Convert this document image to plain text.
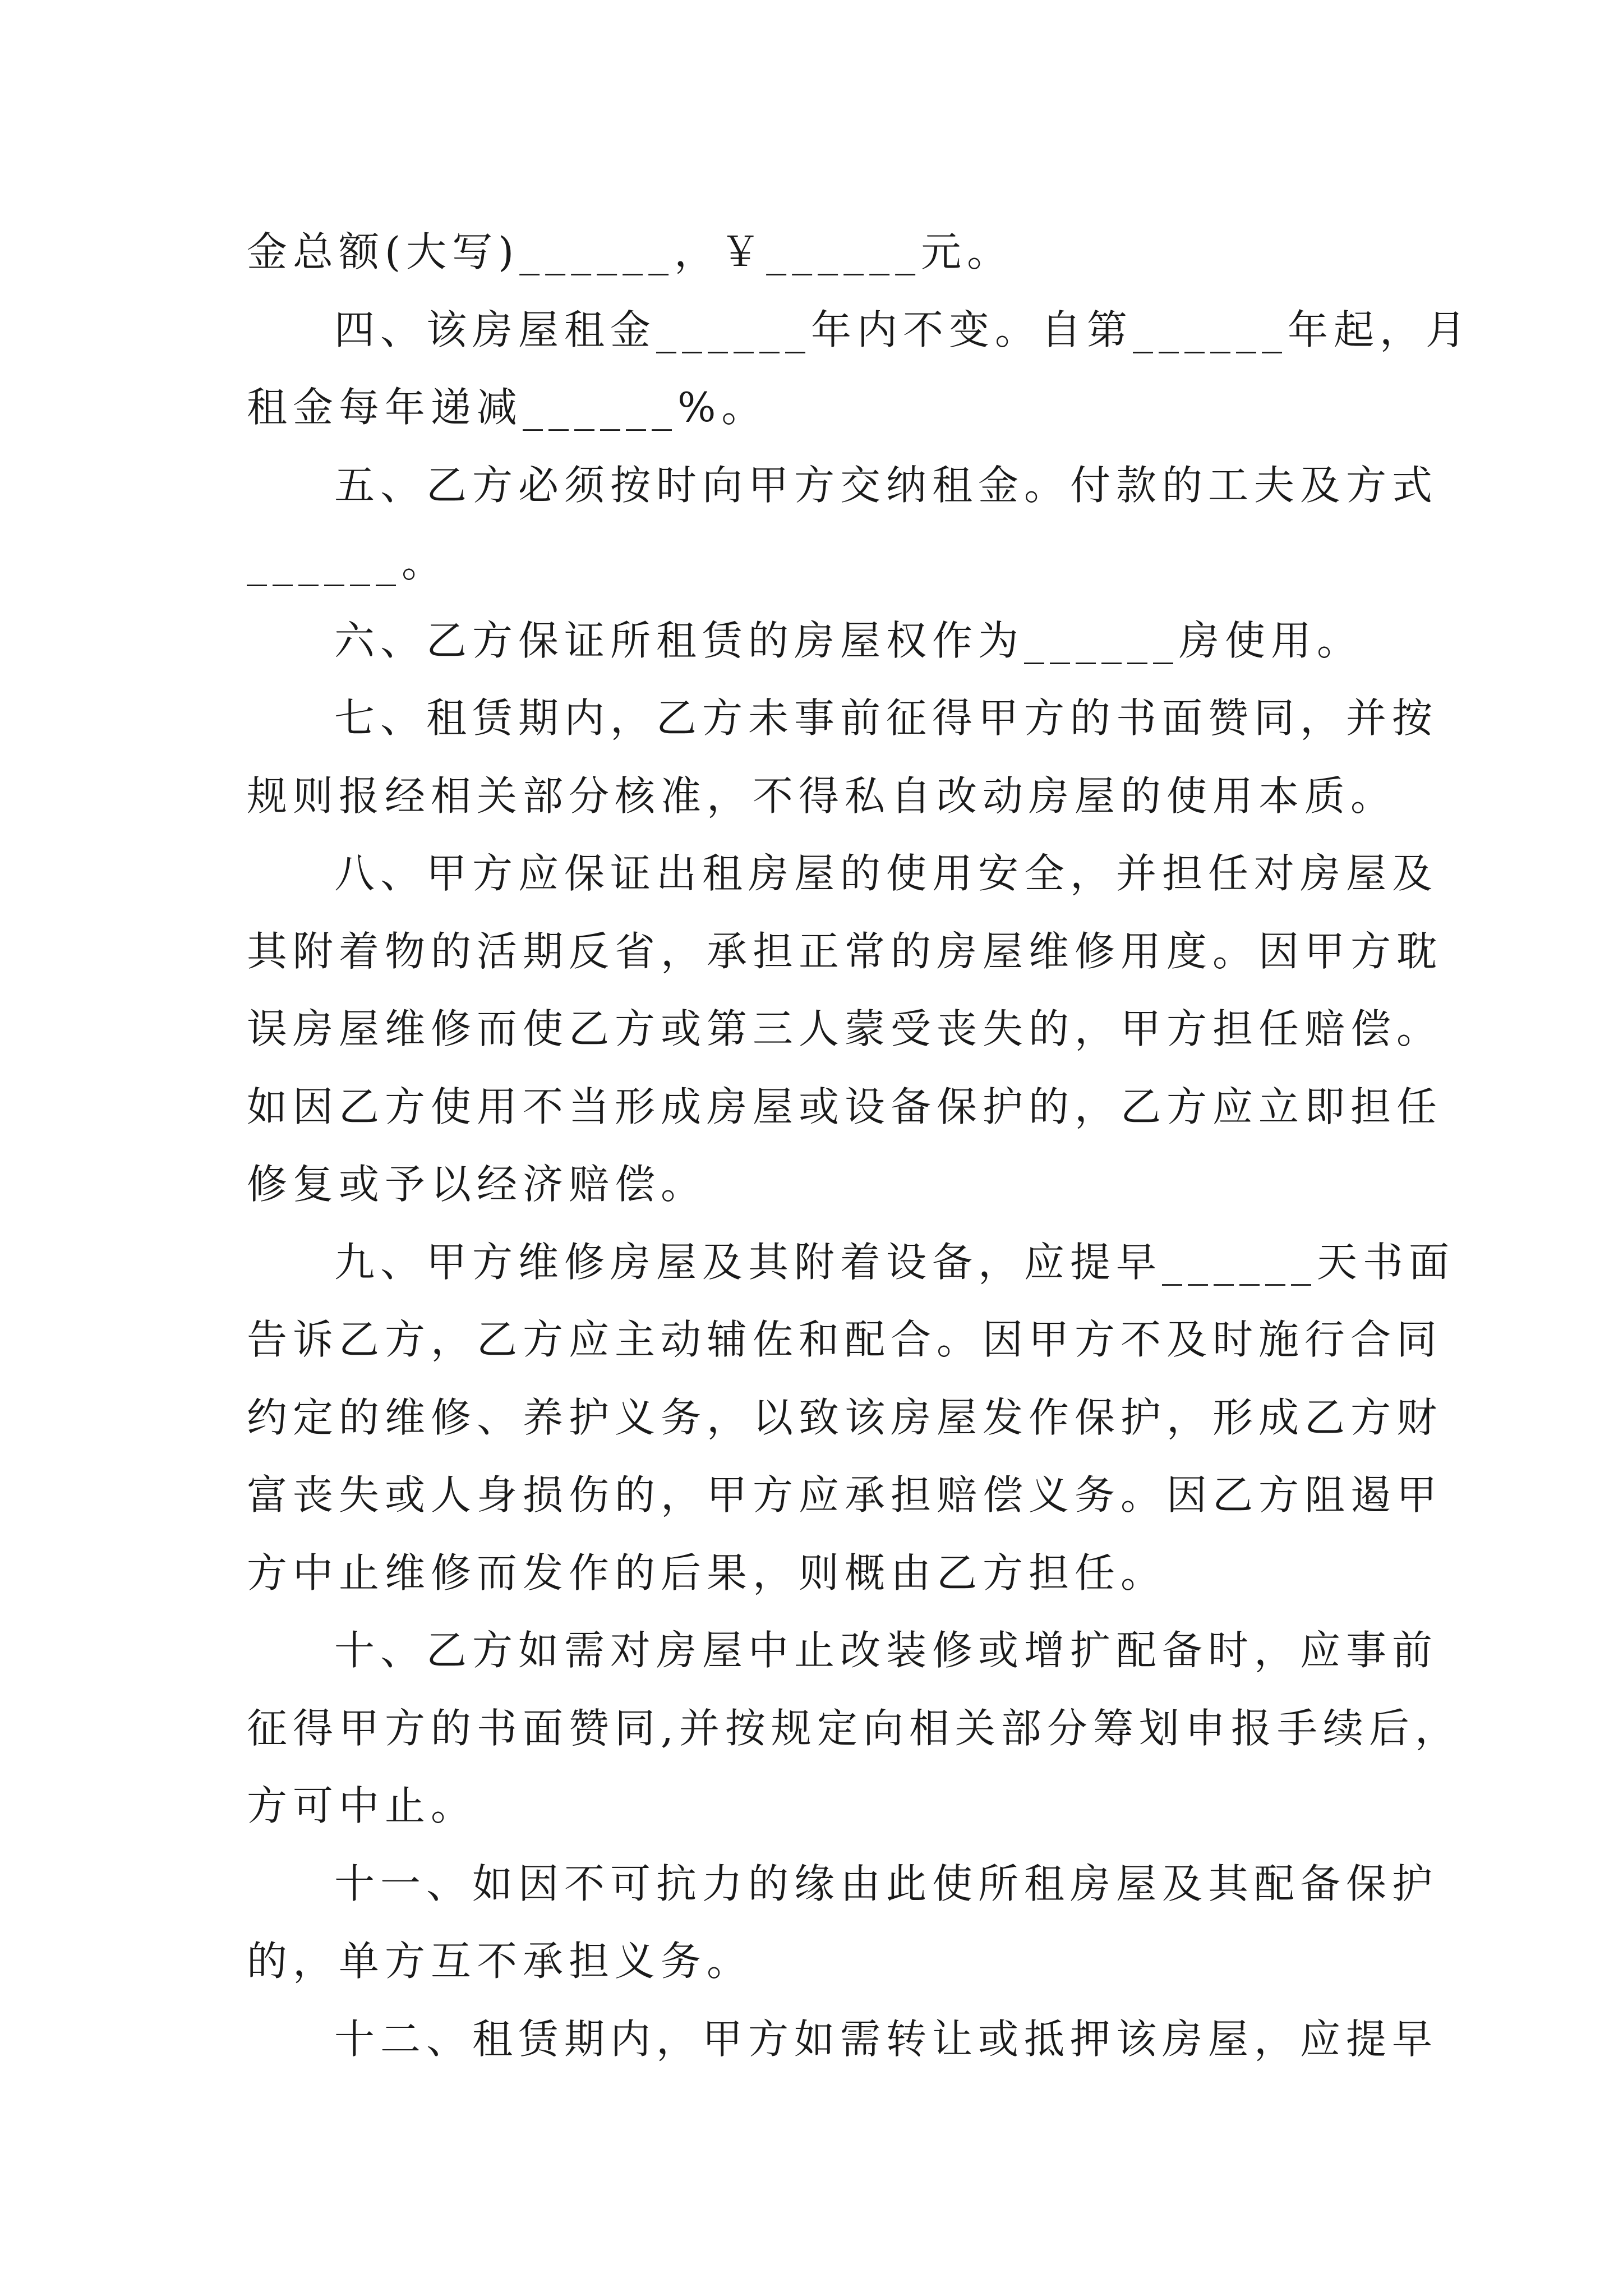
金总额(大写)______，￥______元。
四、该房屋租金______年内不变。自第______年起，月
租金每年递减______%。
五、乙方必须按时向甲方交纳租金。付款的工夫及方式
______。
六、乙方保证所租赁的房屋权作为______房使用。
七、租赁期内，乙方未事前征得甲方的书面赞同，并按
规则报经相关部分核准，不得私自改动房屋的使用本质。
八、甲方应保证出租房屋的使用安全，并担任对房屋及
其附着物的活期反省，承担正常的房屋维修用度。因甲方耽
误房屋维修而使乙方或第三人蒙受丧失的，甲方担任赔偿。
如因乙方使用不当形成房屋或设备保护的，乙方应立即担任
修复或予以经济赔偿。
九、甲方维修房屋及其附着设备，应提早______天书面
告诉乙方，乙方应主动辅佐和配合。因甲方不及时施行合同
约定的维修、养护义务，以致该房屋发作保护，形成乙方财
富丧失或人身损伤的，甲方应承担赔偿义务。因乙方阻遏甲
方中止维修而发作的后果，则概由乙方担任。
十、乙方如需对房屋中止改装修或增扩配备时，应事前
征得甲方的书面赞同,并按规定向相关部分筹划申报手续后，
方可中止。
十一、如因不可抗力的缘由此使所租房屋及其配备保护
的，单方互不承担义务。
十二、租赁期内，甲方如需转让或抵押该房屋，应提早
